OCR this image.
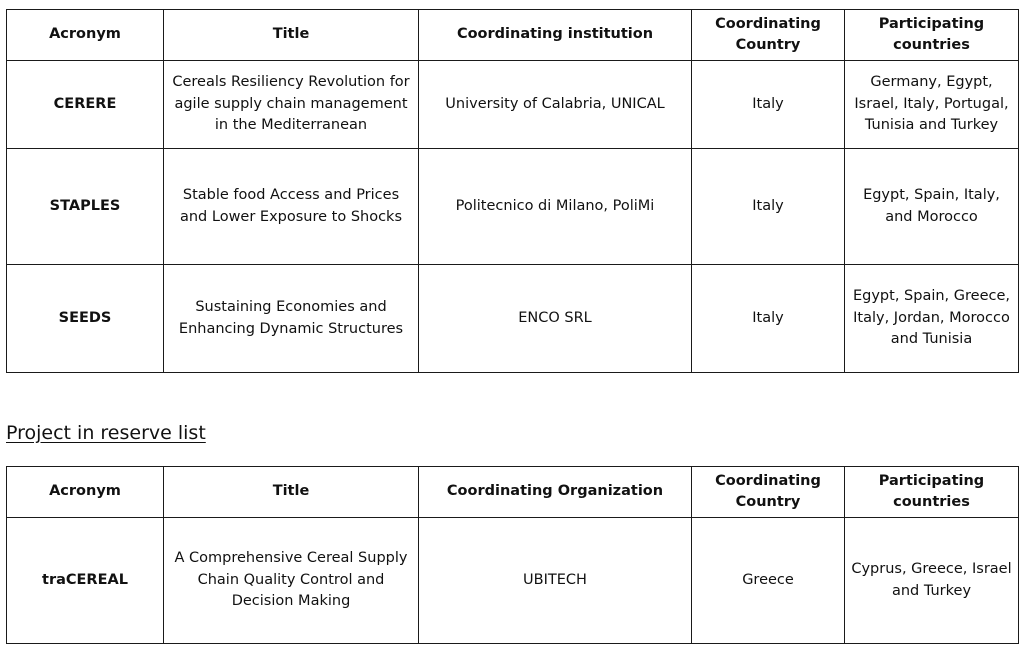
Acronym	Title	Coordinating institution	Coordinating Country	Participating countries
CERERE	Cereals Resiliency Revolution for agile supply chain management in the Mediterranean	University of Calabria, UNICAL	Italy	Germany, Egypt, Israel, Italy, Portugal, Tunisia and Turkey
STAPLES	Stable food Access and Prices and Lower Exposure to Shocks	Politecnico di Milano, PoliMi	Italy	Egypt, Spain, Italy, and Morocco
SEEDS	Sustaining Economies and Enhancing Dynamic Structures	ENCO SRL	Italy	Egypt, Spain, Greece, Italy, Jordan, Morocco and Tunisia
Project in reserve list
Acronym	Title	Coordinating Organization	Coordinating Country	Participating countries
traCEREAL	A Comprehensive Cereal Supply Chain Quality Control and Decision Making	UBITECH	Greece	Cyprus, Greece, Israel and Turkey
